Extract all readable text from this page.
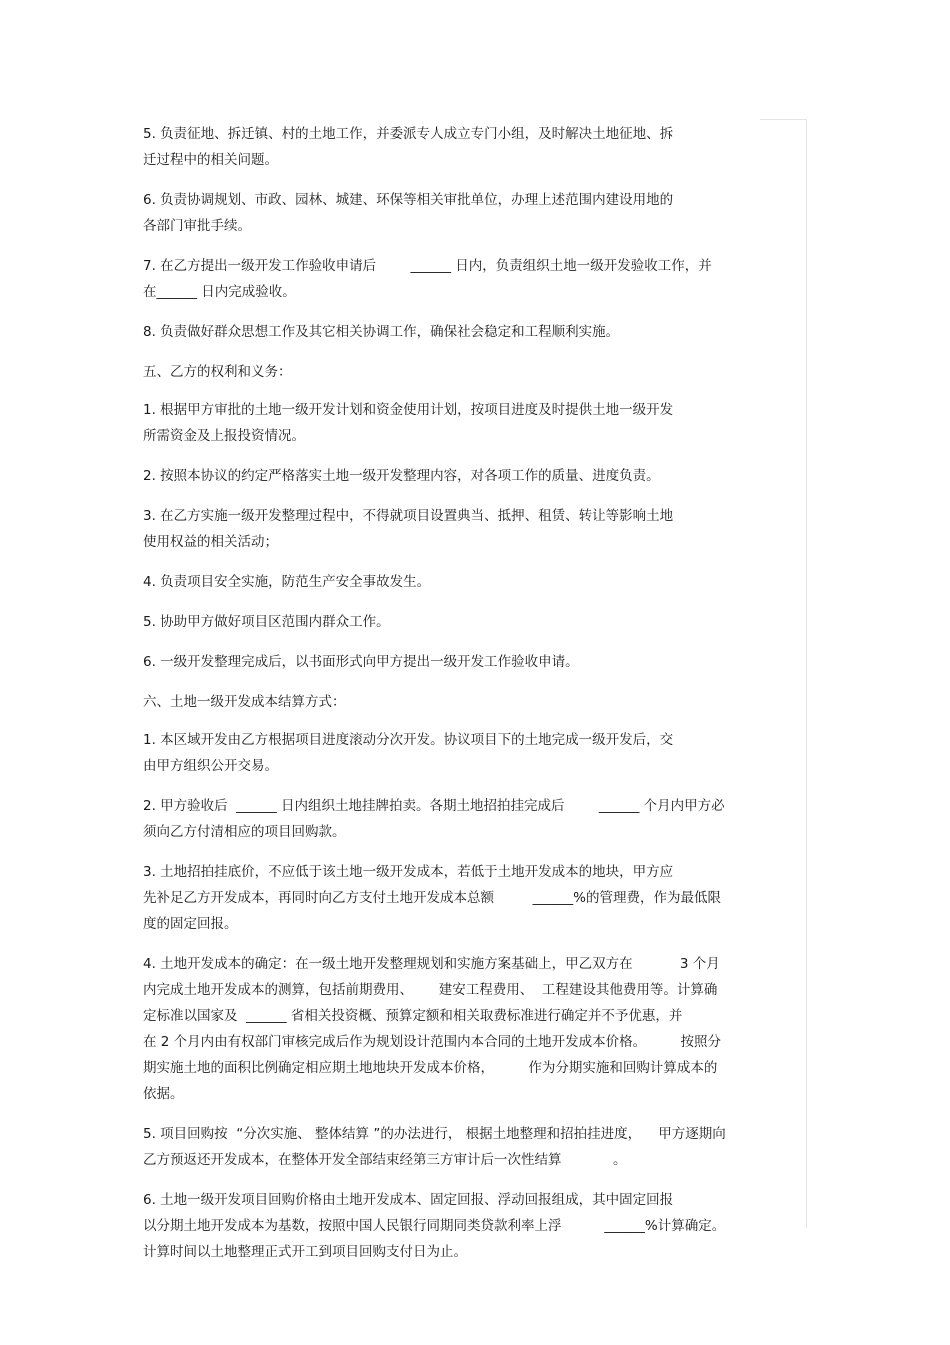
5. 负责征地、拆迁镇、村的土地工作，并委派专人成立专门小组，及时解决土地征地、拆
迁过程中的相关问题。
6. 负责协调规划、市政、园林、城建、环保等相关审批单位，办理上述范围内建设用地的
各部门审批手续。
7. 在乙方提出一级开发工作验收申请后        ______ 日内，负责组织土地一级开发验收工作，并
在______ 日内完成验收。
8. 负责做好群众思想工作及其它相关协调工作，确保社会稳定和工程顺利实施。
五、乙方的权利和义务：
1. 根据甲方审批的土地一级开发计划和资金使用计划，按项目进度及时提供土地一级开发
所需资金及上报投资情况。
2. 按照本协议的约定严格落实土地一级开发整理内容，对各项工作的质量、进度负责。
3. 在乙方实施一级开发整理过程中，不得就项目设置典当、抵押、租赁、转让等影响土地
使用权益的相关活动；
4. 负责项目安全实施，防范生产安全事故发生。
5. 协助甲方做好项目区范围内群众工作。
6. 一级开发整理完成后，以书面形式向甲方提出一级开发工作验收申请。
六、土地一级开发成本结算方式：
1. 本区域开发由乙方根据项目进度滚动分次开发。协议项目下的土地完成一级开发后，交
由甲方组织公开交易。
2. 甲方验收后  ______ 日内组织土地挂牌拍卖。各期土地招拍挂完成后        ______ 个月内甲方必
须向乙方付清相应的项目回购款。
3. 土地招拍挂底价，不应低于该土地一级开发成本，若低于土地开发成本的地块，甲方应
先补足乙方开发成本，再同时向乙方支付土地开发成本总额         ______%的管理费，作为最低限
度的固定回报。
4. 土地开发成本的确定：在一级土地开发整理规划和实施方案基础上，甲乙双方在           3 个月
内完成土地开发成本的测算，包括前期费用、      建安工程费用、  工程建设其他费用等。计算确
定标准以国家及  ______ 省相关投资概、预算定额和相关取费标准进行确定并不予优惠，并
在 2 个月内由有权部门审核完成后作为规划设计范围内本合同的土地开发成本价格。        按照分
期实施土地的面积比例确定相应期土地地块开发成本价格，        作为分期实施和回购计算成本的
依据。
5. 项目回购按  “分次实施、 整体结算 ”的办法进行， 根据土地整理和招拍挂进度，    甲方逐期向
乙方预返还开发成本，在整体开发全部结束经第三方审计后一次性结算            。
6. 土地一级开发项目回购价格由土地开发成本、固定回报、浮动回报组成，其中固定回报
以分期土地开发成本为基数，按照中国人民银行同期同类贷款利率上浮          ______%计算确定。
计算时间以土地整理正式开工到项目回购支付日为止。
